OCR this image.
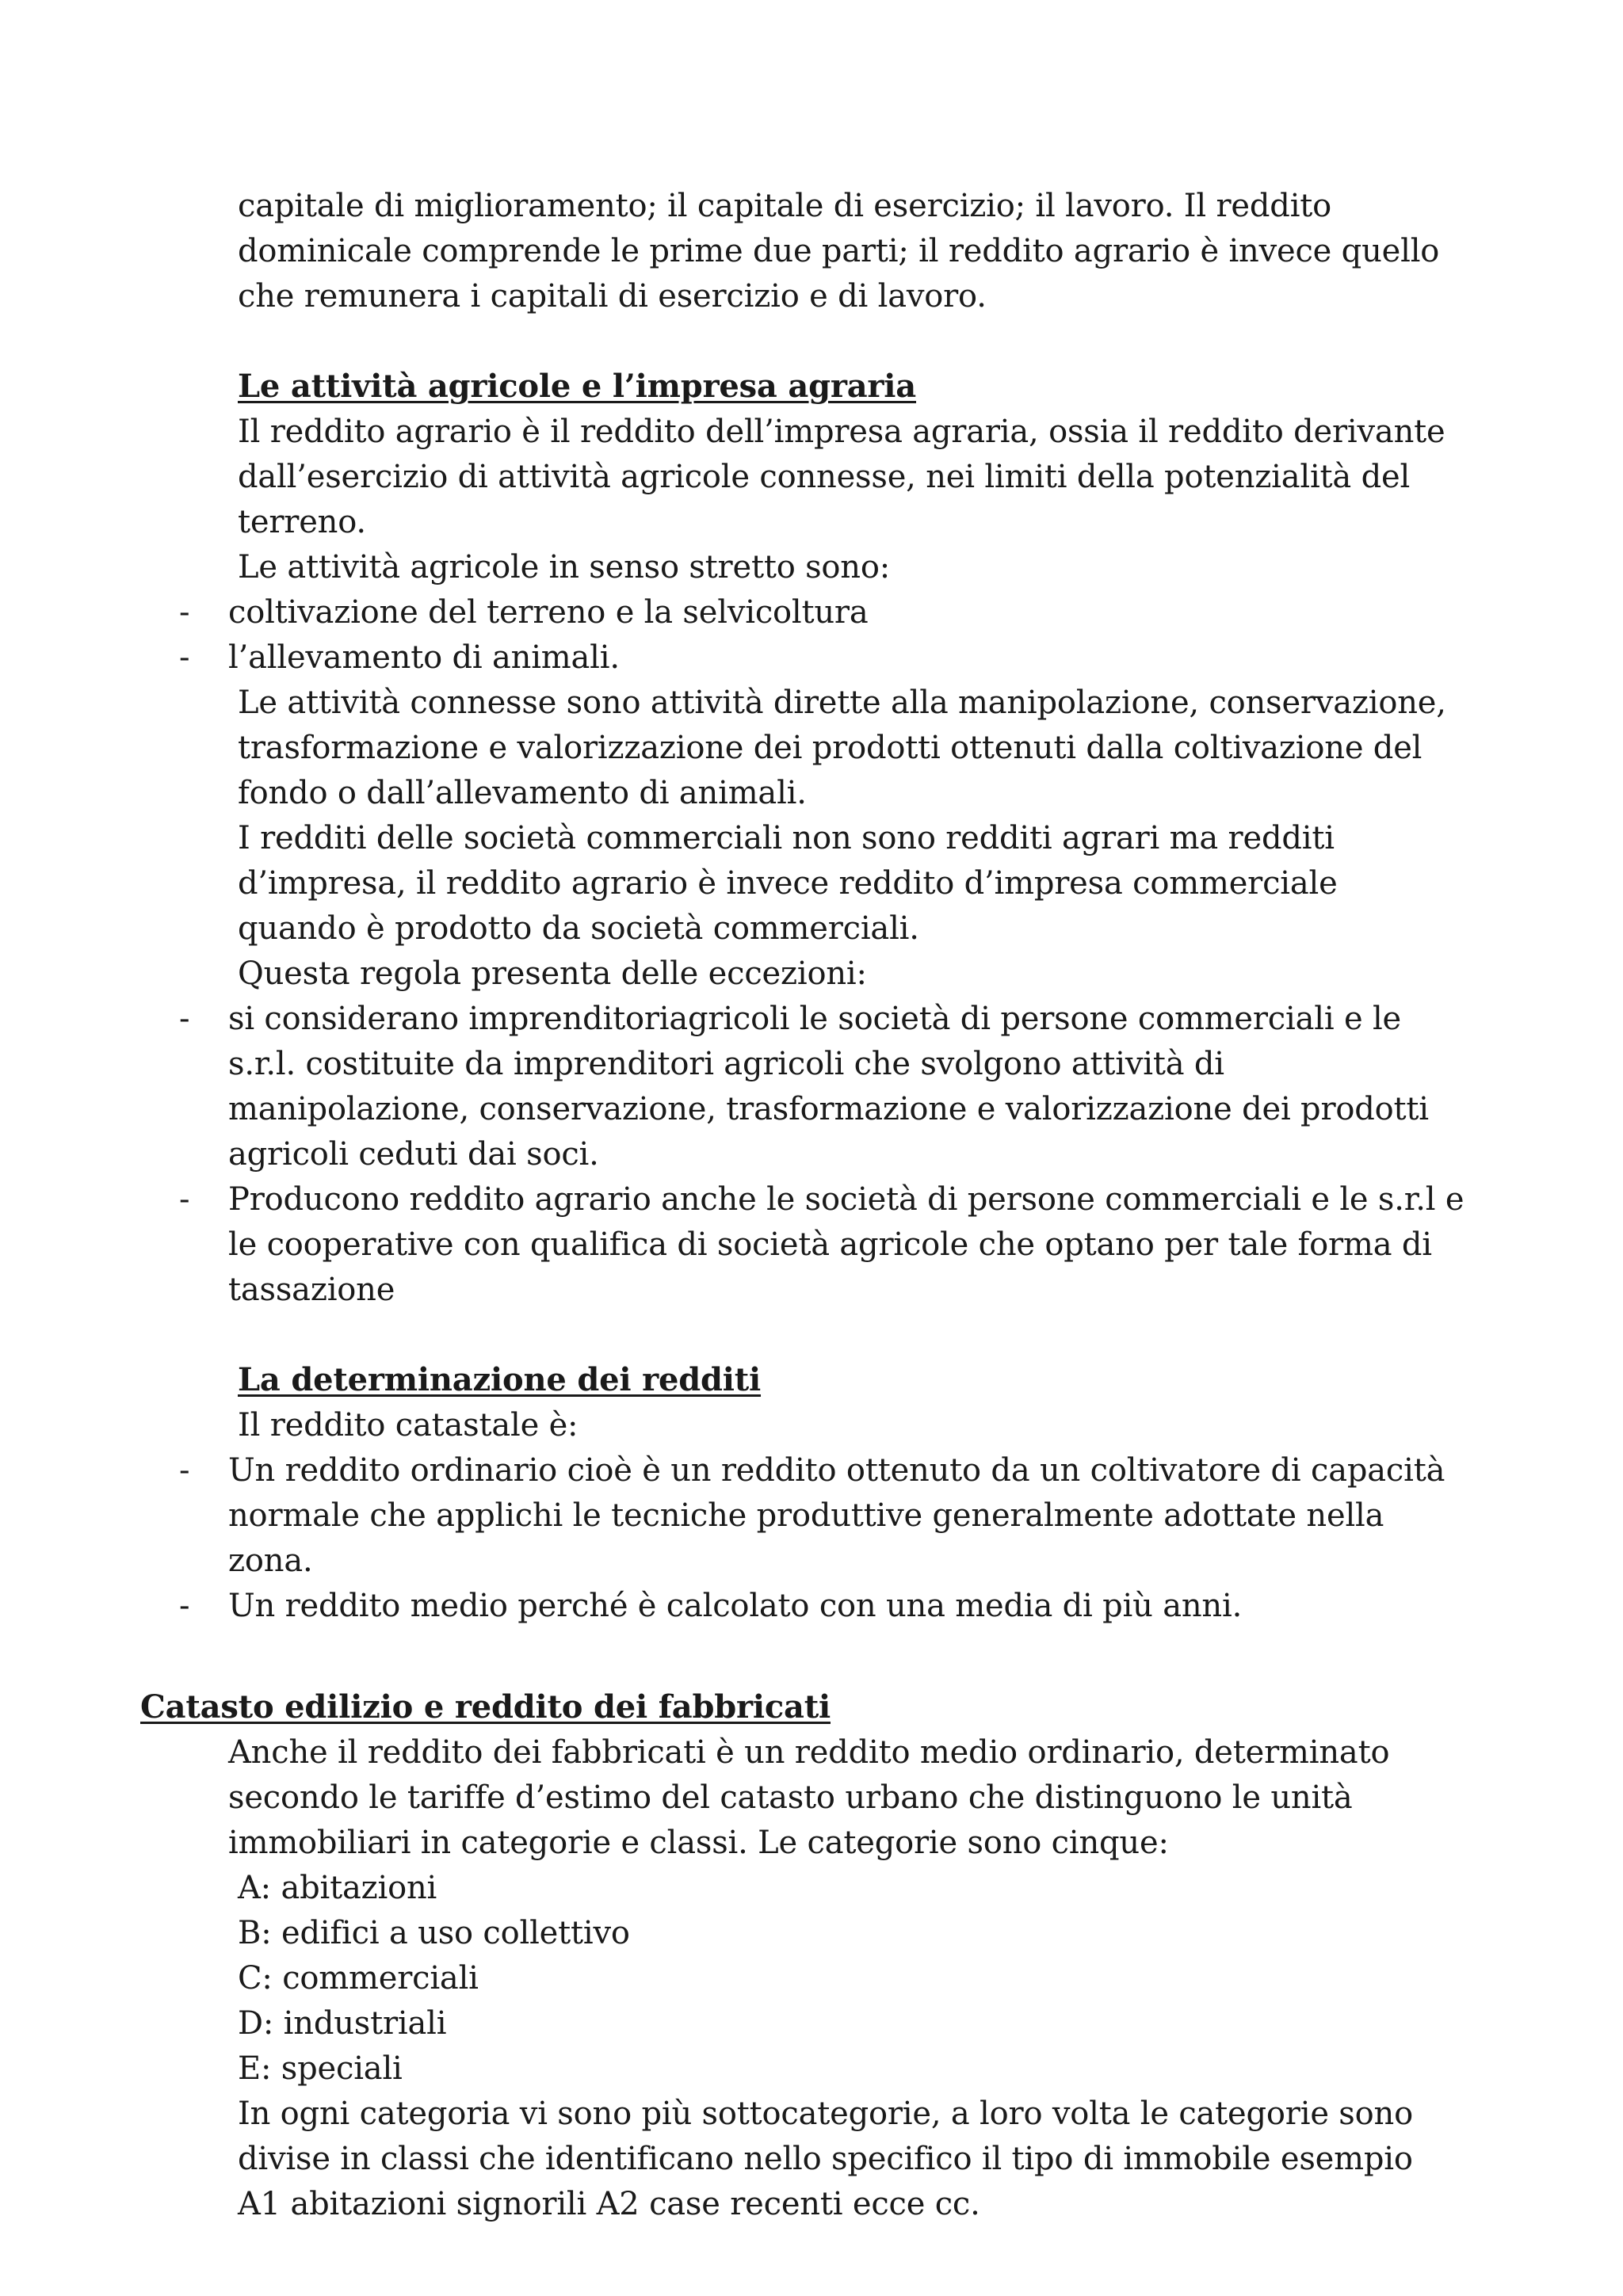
capitale di miglioramento; il capitale di esercizio; il lavoro. Il reddito
dominicale comprende le prime due parti; il reddito agrario è invece quello
che remunera i capitali di esercizio e di lavoro.
Le attività agricole e l’impresa agraria
Il reddito agrario è il reddito dell’impresa agraria, ossia il reddito derivante
dall’esercizio di attività agricole connesse, nei limiti della potenzialità del
terreno.
Le attività agricole in senso stretto sono:
- coltivazione del terreno e la selvicoltura
- l’allevamento di animali.
Le attività connesse sono attività dirette alla manipolazione, conservazione,
trasformazione e valorizzazione dei prodotti ottenuti dalla coltivazione del
fondo o dall’allevamento di animali.
I redditi delle società commerciali non sono redditi agrari ma redditi
d’impresa, il reddito agrario è invece reddito d’impresa commerciale
quando è prodotto da società commerciali.
Questa regola presenta delle eccezioni:
- si considerano imprenditoriagricoli le società di persone commerciali e le
s.r.l. costituite da imprenditori agricoli che svolgono attività di
manipolazione, conservazione, trasformazione e valorizzazione dei prodotti
agricoli ceduti dai soci.
- Producono reddito agrario anche le società di persone commerciali e le s.r.l e
le cooperative con qualifica di società agricole che optano per tale forma di
tassazione
La determinazione dei redditi
Il reddito catastale è:
- Un reddito ordinario cioè è un reddito ottenuto da un coltivatore di capacità
normale che applichi le tecniche produttive generalmente adottate nella
zona.
- Un reddito medio perché è calcolato con una media di più anni.
Catasto edilizio e reddito dei fabbricati
Anche il reddito dei fabbricati è un reddito medio ordinario, determinato
secondo le tariffe d’estimo del catasto urbano che distinguono le unità
immobiliari in categorie e classi. Le categorie sono cinque:
A: abitazioni
B: edifici a uso collettivo
C: commerciali
D: industriali
E: speciali
In ogni categoria vi sono più sottocategorie, a loro volta le categorie sono
divise in classi che identificano nello specifico il tipo di immobile esempio
A1 abitazioni signorili A2 case recenti ecce cc.
